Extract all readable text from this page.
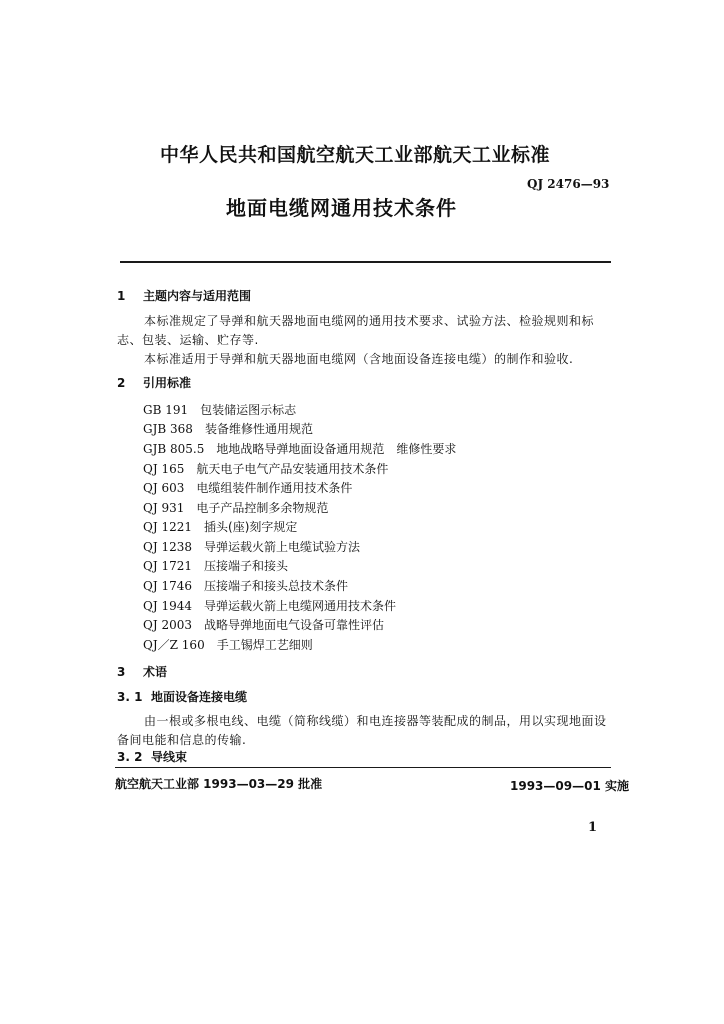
中华人民共和国航空航天工业部航天工业标准
QJ 2476—93
地面电缆网通用技术条件
1 主题内容与适用范围
本标准规定了导弹和航天器地面电缆网的通用技术要求、试验方法、检验规则和标
志、包装、运输、贮存等.
本标准适用于导弹和航天器地面电缆网（含地面设备连接电缆）的制作和验收.
2 引用标准
GB 191　 包装储运图示标志
GJB 368　 装备维修性通用规范
GJB 805.5　 地地战略导弹地面设备通用规范　维修性要求
QJ 165　 航天电子电气产品安装通用技术条件
QJ 603　 电缆组装件制作通用技术条件
QJ 931　 电子产品控制多余物规范
QJ 1221　 插头(座)刻字规定
QJ 1238　 导弹运载火箭上电缆试验方法
QJ 1721　 压接端子和接头
QJ 1746　 压接端子和接头总技术条件
QJ 1944　 导弹运载火箭上电缆网通用技术条件
QJ 2003　 战略导弹地面电气设备可靠性评估
QJ／Z 160　 手工锡焊工艺细则
3 术语
3. 1 地面设备连接电缆
由一根或多根电线、电缆（简称线缆）和电连接器等装配成的制品，用以实现地面设
备间电能和信息的传输.
3. 2 导线束
航空航天工业部 1993—03—29 批准	1993—09—01 实施
1
